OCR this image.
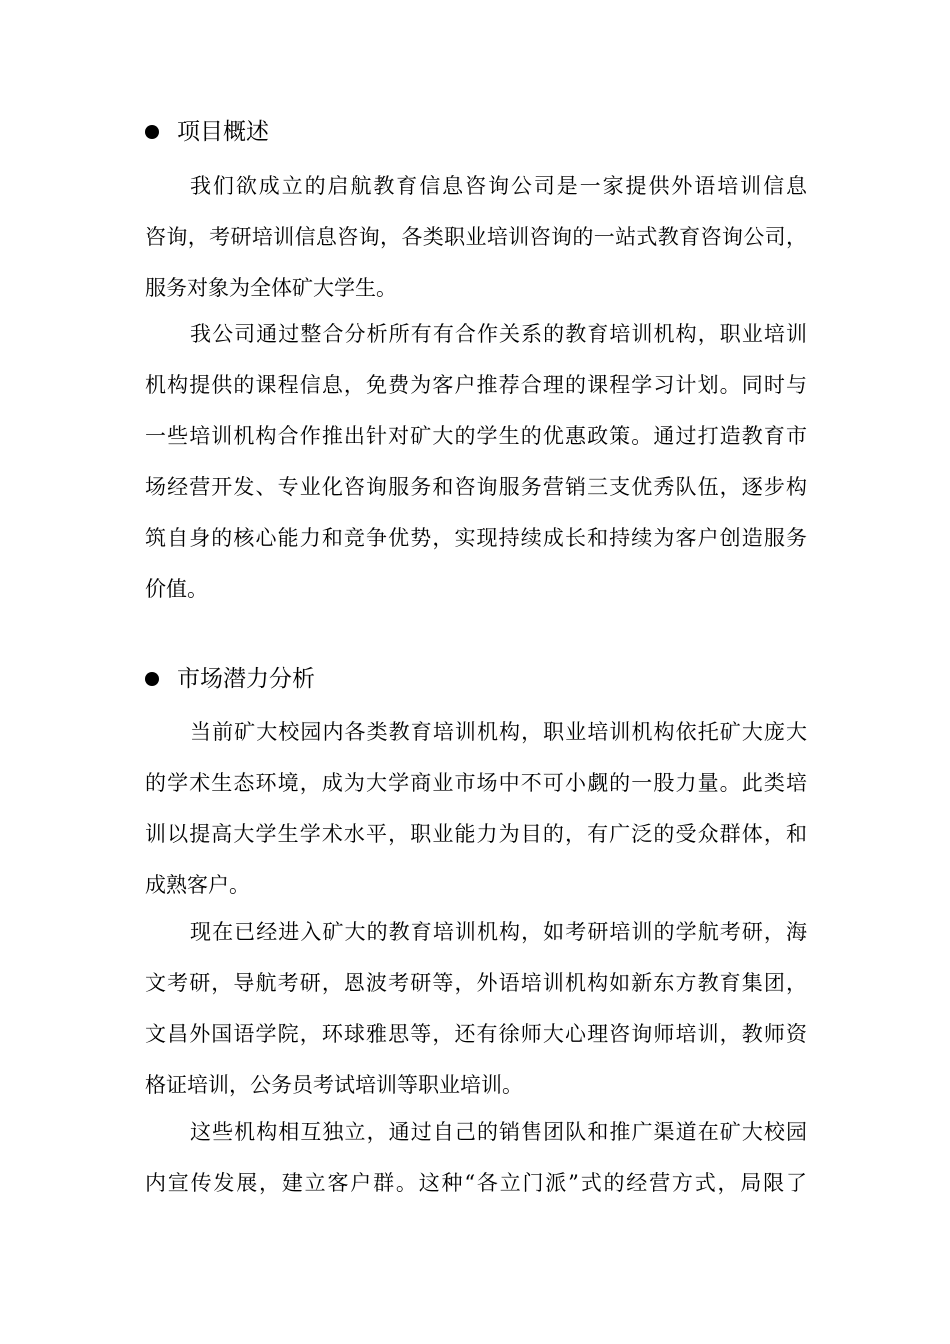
项目概述
我们欲成立的启航教育信息咨询公司是一家提供外语培训信息
咨询，考研培训信息咨询，各类职业培训咨询的一站式教育咨询公司，
服务对象为全体矿大学生。
我公司通过整合分析所有有合作关系的教育培训机构，职业培训
机构提供的课程信息，免费为客户推荐合理的课程学习计划。同时与
一些培训机构合作推出针对矿大的学生的优惠政策。通过打造教育市
场经营开发、专业化咨询服务和咨询服务营销三支优秀队伍，逐步构
筑自身的核心能力和竞争优势，实现持续成长和持续为客户创造服务
价值。
市场潜力分析
当前矿大校园内各类教育培训机构，职业培训机构依托矿大庞大
的学术生态环境，成为大学商业市场中不可小觑的一股力量。此类培
训以提高大学生学术水平，职业能力为目的，有广泛的受众群体，和
成熟客户。
现在已经进入矿大的教育培训机构，如考研培训的学航考研，海
文考研，导航考研，恩波考研等，外语培训机构如新东方教育集团，
文昌外国语学院，环球雅思等，还有徐师大心理咨询师培训，教师资
格证培训，公务员考试培训等职业培训。
这些机构相互独立，通过自己的销售团队和推广渠道在矿大校园
内宣传发展，建立客户群。这种“各立门派”式的经营方式，局限了
